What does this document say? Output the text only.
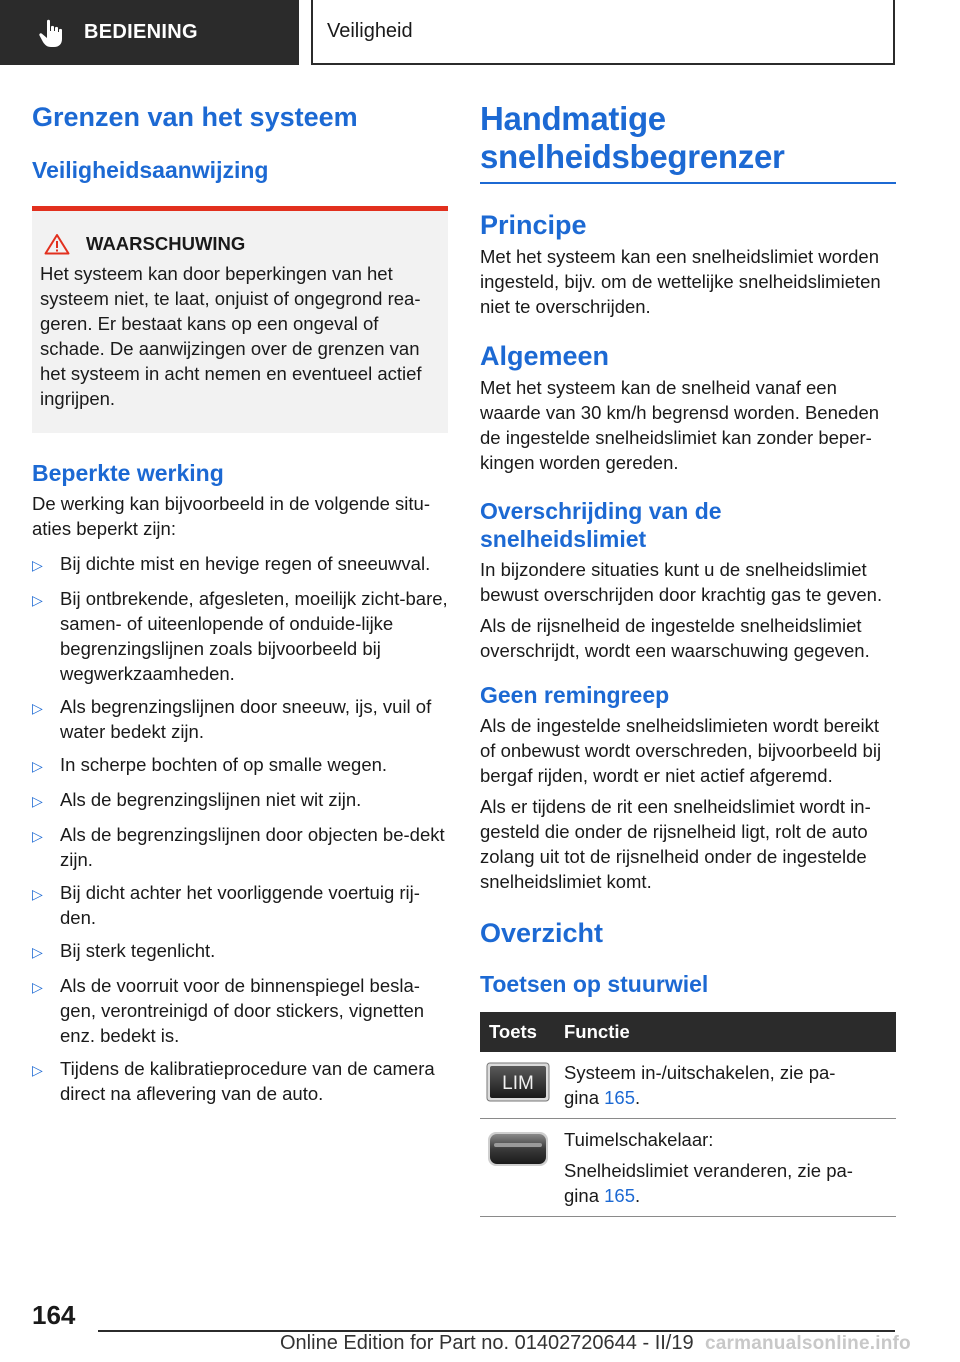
BEDIENING	Veiligheid
Grenzen van het systeem
Veiligheidsaanwijzing
WAARSCHUWING
Het systeem kan door beperkingen van het systeem niet, te laat, onjuist of ongegrond rea-geren. Er bestaat kans op een ongeval of schade. De aanwijzingen over de grenzen van het systeem in acht nemen en eventueel actief ingrijpen.
Beperkte werking
De werking kan bijvoorbeeld in de volgende situ-aties beperkt zijn:
▷ Bij dichte mist en hevige regen of sneeuwval.
▷ Bij ontbrekende, afgesleten, moeilijk zicht-bare, samen- of uiteenlopende of onduide-lijke begrenzingslijnen zoals bijvoorbeeld bij wegwerkzaamheden.
▷ Als begrenzingslijnen door sneeuw, ijs, vuil of water bedekt zijn.
▷ In scherpe bochten of op smalle wegen.
▷ Als de begrenzingslijnen niet wit zijn.
▷ Als de begrenzingslijnen door objecten be-dekt zijn.
▷ Bij dicht achter het voorliggende voertuig rij-den.
▷ Bij sterk tegenlicht.
▷ Als de voorruit voor de binnenspiegel besla-gen, verontreinigd of door stickers, vignetten enz. bedekt is.
▷ Tijdens de kalibratieprocedure van de camera direct na aflevering van de auto.
Handmatige snelheidsbegrenzer
Principe
Met het systeem kan een snelheidslimiet worden ingesteld, bijv. om de wettelijke snelheidslimieten niet te overschrijden.
Algemeen
Met het systeem kan de snelheid vanaf een waarde van 30 km/h begrensd worden. Beneden de ingestelde snelheidslimiet kan zonder beper-kingen worden gereden.
Overschrijding van de snelheidslimiet
In bijzondere situaties kunt u de snelheidslimiet bewust overschrijden door krachtig gas te geven.
Als de rijsnelheid de ingestelde snelheidslimiet overschrijdt, wordt een waarschuwing gegeven.
Geen remingreep
Als de ingestelde snelheidslimieten wordt bereikt of onbewust wordt overschreden, bijvoorbeeld bij bergaf rijden, wordt er niet actief afgeremd.
Als er tijdens de rit een snelheidslimiet wordt in-gesteld die onder de rijsnelheid ligt, rolt de auto zolang uit tot de rijsnelheid onder de ingestelde snelheidslimiet komt.
Overzicht
Toetsen op stuurwiel
Toets	Functie
LIM
Systeem in-/uitschakelen, zie pa-
gina 165.
Tuimelschakelaar:
Snelheidslimiet veranderen, zie pa-
gina 165.
164
Online Edition for Part no. 01402720644 - II/19 carmanualsonline.info
